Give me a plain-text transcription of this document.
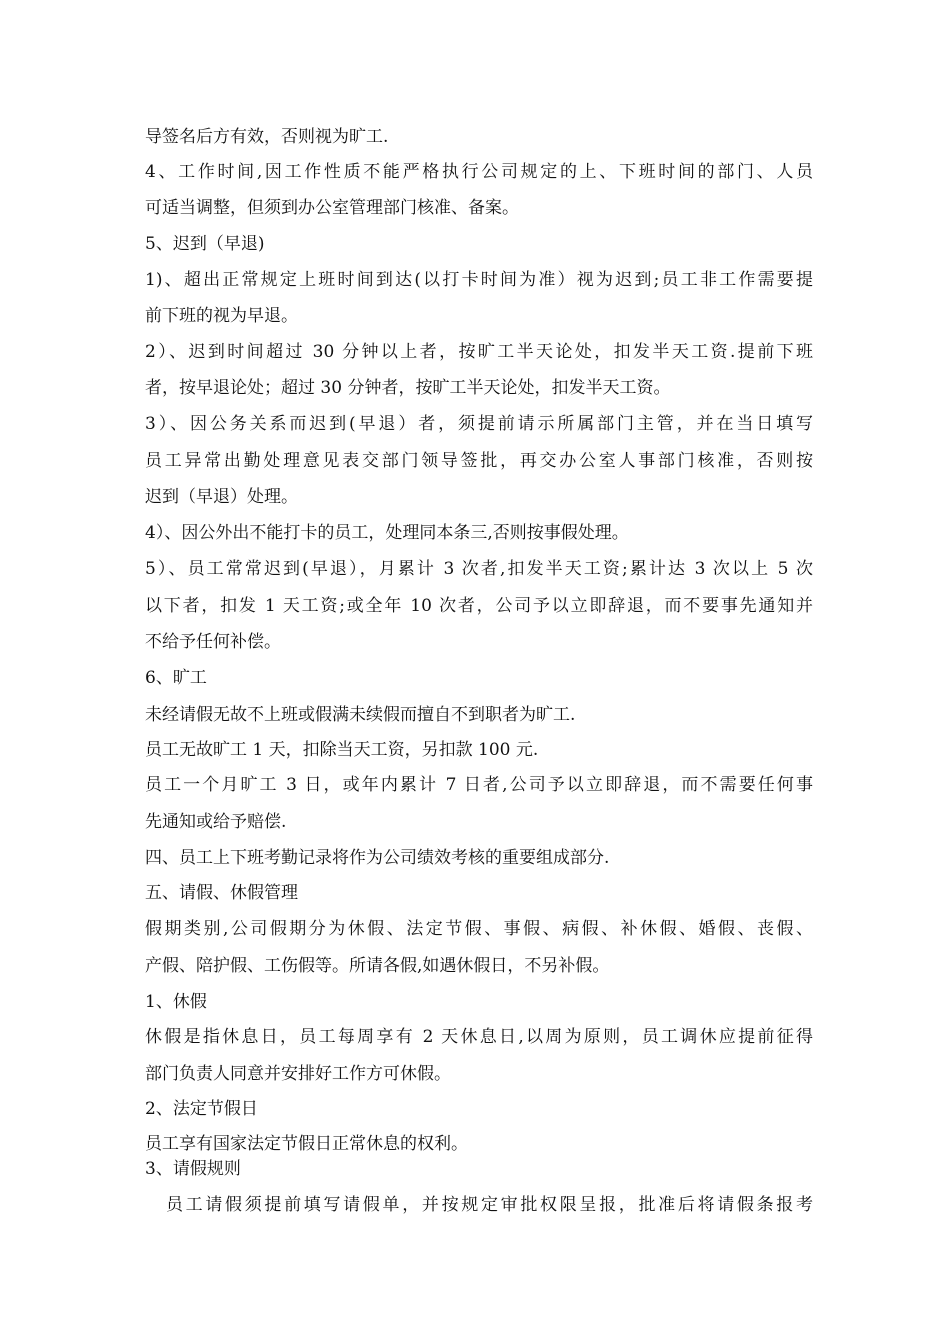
导签名后方有效，否则视为旷工.
4、工作时间,因工作性质不能严格执行公司规定的上、下班时间的部门、人员
可适当调整，但须到办公室管理部门核准、备案。
5、迟到（早退)
1)、超出正常规定上班时间到达(以打卡时间为准）视为迟到;员工非工作需要提
前下班的视为早退。
2）、迟到时间超过 30 分钟以上者，按旷工半天论处，扣发半天工资.提前下班
者，按早退论处；超过 30 分钟者，按旷工半天论处，扣发半天工资。
3）、因公务关系而迟到(早退）者，须提前请示所属部门主管，并在当日填写
员工异常出勤处理意见表交部门领导签批，再交办公室人事部门核准，否则按
迟到（早退）处理。
4）、因公外出不能打卡的员工，处理同本条三,否则按事假处理。
5）、员工常常迟到(早退），月累计 3 次者,扣发半天工资;累计达 3 次以上 5 次
以下者，扣发 1 天工资;或全年 10 次者，公司予以立即辞退，而不要事先通知并
不给予任何补偿。
6、旷工
未经请假无故不上班或假满未续假而擅自不到职者为旷工.
员工无故旷工 1 天，扣除当天工资，另扣款 100 元.
员工一个月旷工 3 日，或年内累计 7 日者,公司予以立即辞退，而不需要任何事
先通知或给予赔偿.
四、员工上下班考勤记录将作为公司绩效考核的重要组成部分.
五、请假、休假管理
假期类别,公司假期分为休假、法定节假、事假、病假、补休假、婚假、丧假、
产假、陪护假、工伤假等。所请各假,如遇休假日，不另补假。
1、休假
休假是指休息日，员工每周享有 2 天休息日,以周为原则，员工调休应提前征得
部门负责人同意并安排好工作方可休假。
2、法定节假日
员工享有国家法定节假日正常休息的权利。
3、请假规则
员工请假须提前填写请假单，并按规定审批权限呈报，批准后将请假条报考
